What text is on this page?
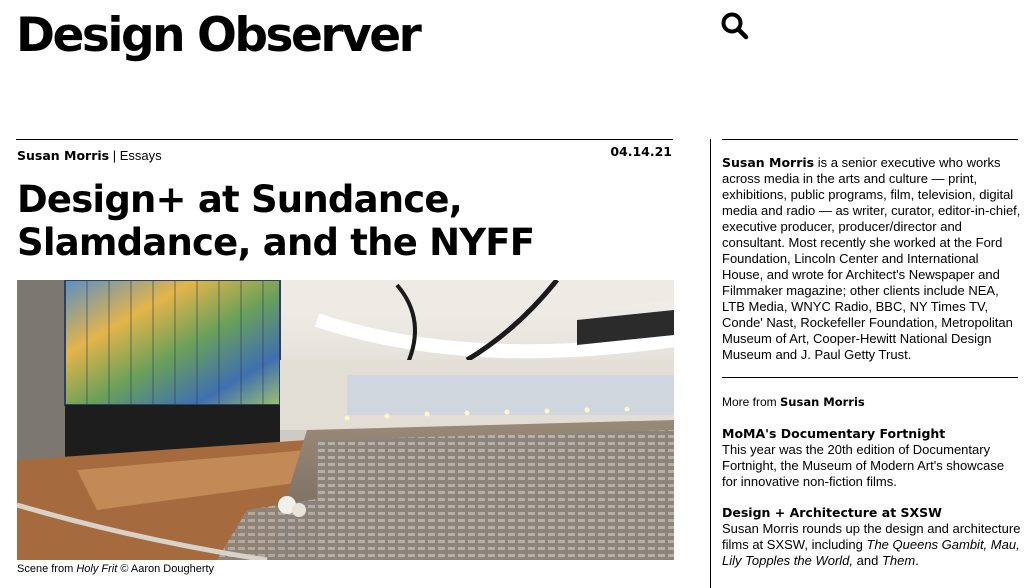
Design Observer
Susan Morris | Essays	04.14.21
Design+ at Sundance, Slamdance, and the NYFF
Scene from Holy Frit © Aaron Dougherty
Susan Morris is a senior executive who works across media in the arts and culture — print, exhibitions, public programs, film, television, digital media and radio — as writer, curator, editor-in-chief, executive producer, producer/director and consultant. Most recently she worked at the Ford Foundation, Lincoln Center and International House, and wrote for Architect's Newspaper and Filmmaker magazine; other clients include NEA, LTB Media, WNYC Radio, BBC, NY Times TV, Conde' Nast, Rockefeller Foundation, Metropolitan Museum of Art, Cooper-Hewitt National Design Museum and J. Paul Getty Trust.
More from Susan Morris
MoMA's Documentary Fortnight
This year was the 20th edition of Documentary Fortnight, the Museum of Modern Art's showcase for innovative non-fiction films.
Design + Architecture at SXSW
Susan Morris rounds up the design and architecture films at SXSW, including The Queens Gambit, Mau, Lily Topples the World, and Them.
